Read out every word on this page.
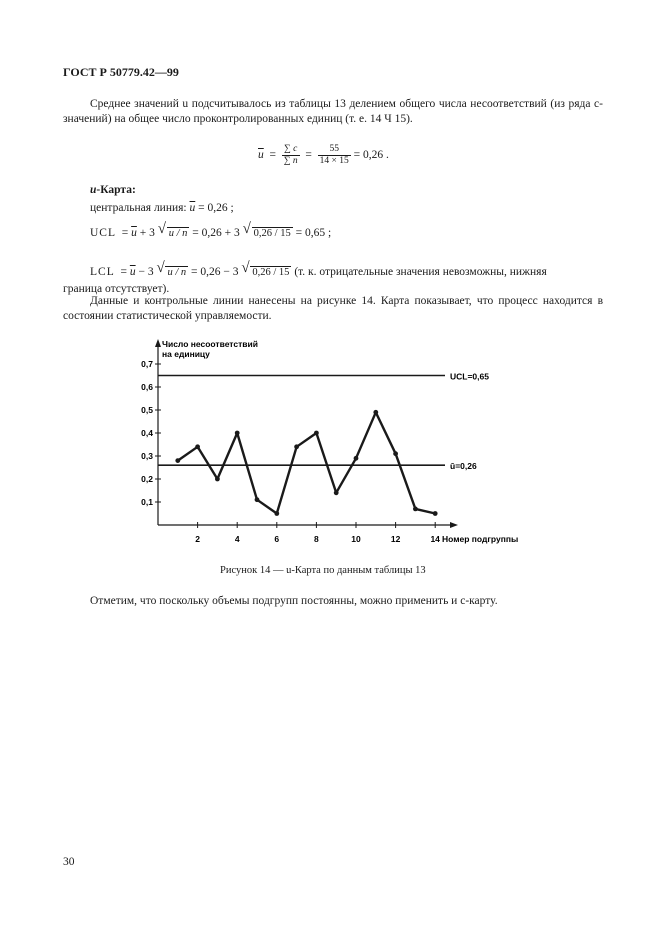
ГОСТ Р 50779.42—99
Среднее значений u подсчитывалось из таблицы 13 делением общего числа несоответствий (из ряда c-значений) на общее число проконтролированных единиц (т. е. 14 Ч 15).
$\overline{u} = \frac{\sum c}{\sum n} = \frac{55}{14 \times 15} = 0,26$ .
u-Карта:
центральная линия: $\overline{u} = 0,26$ ;
UCL = $\overline{u} + 3$ √ u / n = 0,26 + 3 √ 0,26 / 15 = 0,65 ;
LCL = $\overline{u} - 3$ √ u / n = 0,26 − 3 √ 0,26 / 15 (т. к. отрицательные значения невозможны, нижняя
граница отсутствует).
Данные и контрольные линии нанесены на рисунке 14. Карта показывает, что процесс находится в состоянии статистической управляемости.
Число несоответствий
на единицу
Номер подгруппы
0,1
0,2
0,3
0,4
0,5
0,6
0,7
2	4	6	8	10	12	14
UCL=0,65
ū=0,26
Рисунок 14 — u-Карта по данным таблицы 13
Отметим, что поскольку объемы подгрупп постоянны, можно применить и c-карту.
30
